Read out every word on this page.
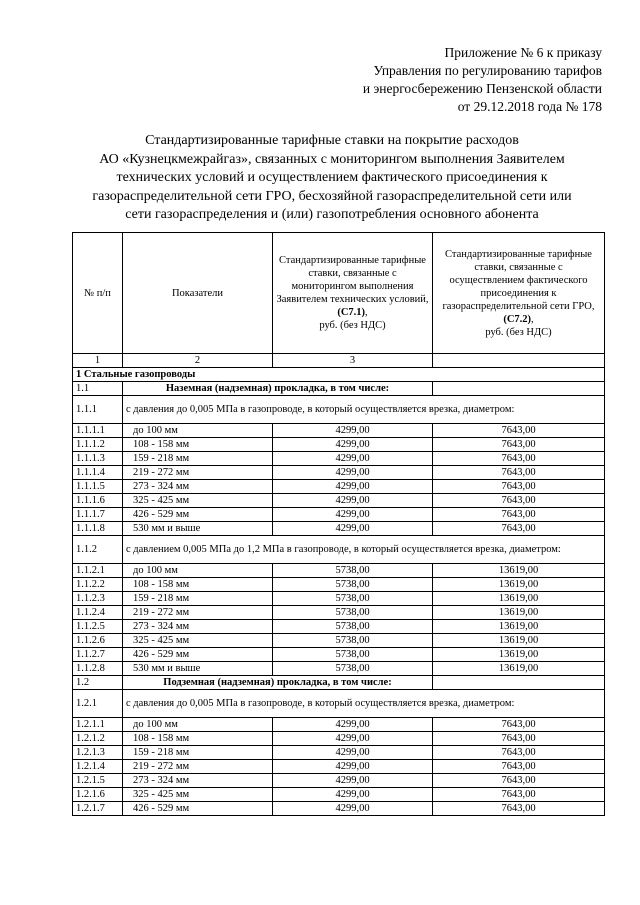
Приложение № 6 к приказу
Управления по регулированию тарифов
и энергосбережению Пензенской области
от 29.12.2018 года № 178
Стандартизированные тарифные ставки на покрытие расходов
АО «Кузнецкмежрайгаз», связанных с мониторингом выполнения Заявителем
технических условий и осуществлением фактического присоединения к
газораспределительной сети ГРО, бесхозяйной газораспределительной сети или
сети газораспределения и (или) газопотребления основного абонента
№ п/п	Показатели	Стандартизированные тарифные ставки, связанные с мониторингом выполнения Заявителем технических условий,
(С7.1),
руб. (без НДС)	Стандартизированные тарифные ставки, связанные с осуществлением фактического присоединения к газораспределительной сети ГРО, (С7.2),
руб. (без НДС)
1	2	3	
1 Стальные газопроводы			
1.1	Наземная (надземная) прокладка, в том числе:		
1.1.1	с давления до 0,005 МПа в газопроводе, в который осуществляется врезка, диаметром:		
1.1.1.1	до 100 мм	4299,00	7643,00
1.1.1.2	108 - 158 мм	4299,00	7643,00
1.1.1.3	159 - 218 мм	4299,00	7643,00
1.1.1.4	219 - 272 мм	4299,00	7643,00
1.1.1.5	273 - 324 мм	4299,00	7643,00
1.1.1.6	325 - 425 мм	4299,00	7643,00
1.1.1.7	426 - 529 мм	4299,00	7643,00
1.1.1.8	530 мм и выше	4299,00	7643,00
1.1.2	с давлением 0,005 МПа до 1,2 МПа в газопроводе, в который осуществляется врезка, диаметром:		
1.1.2.1	до 100 мм	5738,00	13619,00
1.1.2.2	108 - 158 мм	5738,00	13619,00
1.1.2.3	159 - 218 мм	5738,00	13619,00
1.1.2.4	219 - 272 мм	5738,00	13619,00
1.1.2.5	273 - 324 мм	5738,00	13619,00
1.1.2.6	325 - 425 мм	5738,00	13619,00
1.1.2.7	426 - 529 мм	5738,00	13619,00
1.1.2.8	530 мм и выше	5738,00	13619,00
1.2	Подземная (надземная) прокладка, в том числе:		
1.2.1	с давления до 0,005 МПа в газопроводе, в который осуществляется врезка, диаметром:		
1.2.1.1	до 100 мм	4299,00	7643,00
1.2.1.2	108 - 158 мм	4299,00	7643,00
1.2.1.3	159 - 218 мм	4299,00	7643,00
1.2.1.4	219 - 272 мм	4299,00	7643,00
1.2.1.5	273 - 324 мм	4299,00	7643,00
1.2.1.6	325 - 425 мм	4299,00	7643,00
1.2.1.7	426 - 529 мм	4299,00	7643,00
